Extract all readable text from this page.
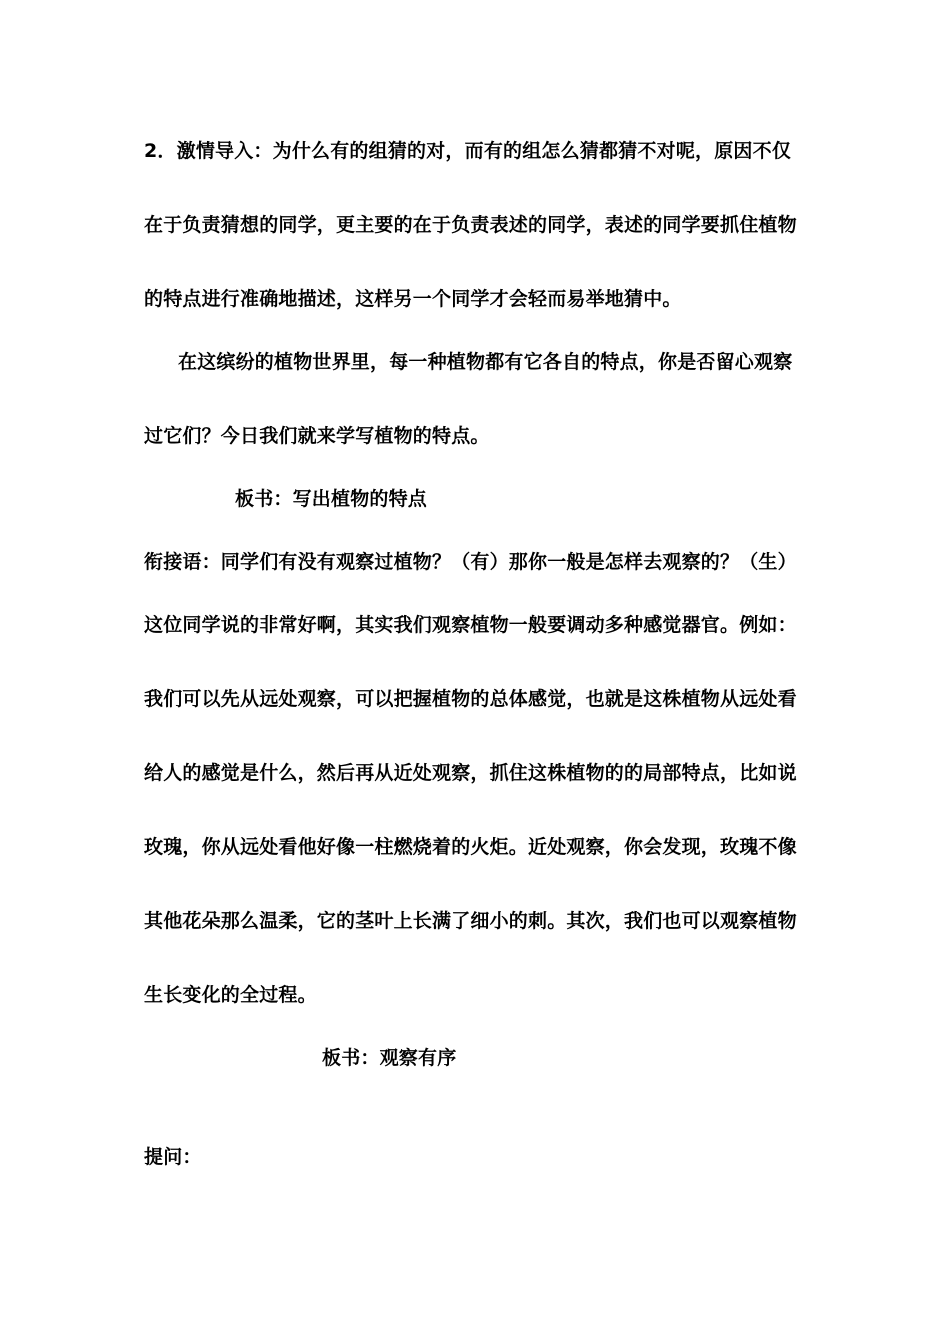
2．激情导入：为什么有的组猜的对，而有的组怎么猜都猜不对呢，原因不仅
在于负责猜想的同学，更主要的在于负责表述的同学，表述的同学要抓住植物
的特点进行准确地描述，这样另一个同学才会轻而易举地猜中。
在这缤纷的植物世界里，每一种植物都有它各自的特点，你是否留心观察
过它们？今日我们就来学写植物的特点。
板书：写出植物的特点
衔接语：同学们有没有观察过植物？（有）那你一般是怎样去观察的？（生）
这位同学说的非常好啊，其实我们观察植物一般要调动多种感觉器官。例如：
我们可以先从远处观察，可以把握植物的总体感觉，也就是这株植物从远处看
给人的感觉是什么，然后再从近处观察，抓住这株植物的的局部特点，比如说
玫瑰，你从远处看他好像一柱燃烧着的火炬。近处观察，你会发现，玫瑰不像
其他花朵那么温柔，它的茎叶上长满了细小的刺。其次，我们也可以观察植物
生长变化的全过程。
板书：观察有序
提问：
